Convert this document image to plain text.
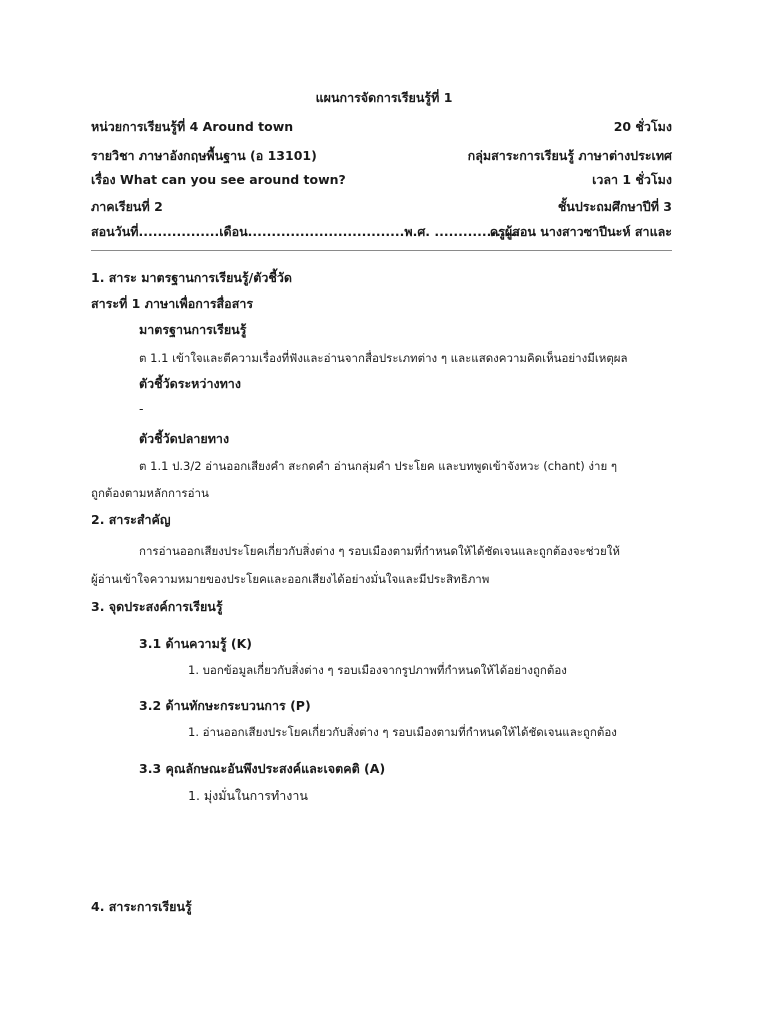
แผนการจัดการเรียนรู้ที่ 1
หน่วยการเรียนรู้ที่ 4 Around town	20 ชั่วโมง
รายวิชา ภาษาอังกฤษพื้นฐาน (อ 13101)	กลุ่มสาระการเรียนรู้ ภาษาต่างประเทศ
เรื่อง What can you see around town?	เวลา 1 ชั่วโมง
ภาคเรียนที่ 2	ชั้นประถมศึกษาปีที่ 3
สอนวันที่.................เดือน.................................พ.ศ. ..................
ครูผู้สอน นางสาวซาปีนะห์ สาและ
1. สาระ มาตรฐานการเรียนรู้/ตัวชี้วัด
สาระที่ 1 ภาษาเพื่อการสื่อสาร
มาตรฐานการเรียนรู้
ต 1.1 เข้าใจและตีความเรื่องที่ฟังและอ่านจากสื่อประเภทต่าง ๆ และแสดงความคิดเห็นอย่างมีเหตุผล
ตัวชี้วัดระหว่างทาง
-
ตัวชี้วัดปลายทาง
ต 1.1 ป.3/2 อ่านออกเสียงคำ สะกดคำ อ่านกลุ่มคำ ประโยค และบทพูดเข้าจังหวะ (chant) ง่าย ๆ
ถูกต้องตามหลักการอ่าน
2. สาระสำคัญ
การอ่านออกเสียงประโยคเกี่ยวกับสิ่งต่าง ๆ รอบเมืองตามที่กำหนดให้ได้ชัดเจนและถูกต้องจะช่วยให้
ผู้อ่านเข้าใจความหมายของประโยคและออกเสียงได้อย่างมั่นใจและมีประสิทธิภาพ
3. จุดประสงค์การเรียนรู้
3.1 ด้านความรู้ (K)
1. บอกข้อมูลเกี่ยวกับสิ่งต่าง ๆ รอบเมืองจากรูปภาพที่กำหนดให้ได้อย่างถูกต้อง
3.2 ด้านทักษะกระบวนการ (P)
1. อ่านออกเสียงประโยคเกี่ยวกับสิ่งต่าง ๆ รอบเมืองตามที่กำหนดให้ได้ชัดเจนและถูกต้อง
3.3 คุณลักษณะอันพึงประสงค์และเจตคติ (A)
1. มุ่งมั่นในการทำงาน
4. สาระการเรียนรู้
